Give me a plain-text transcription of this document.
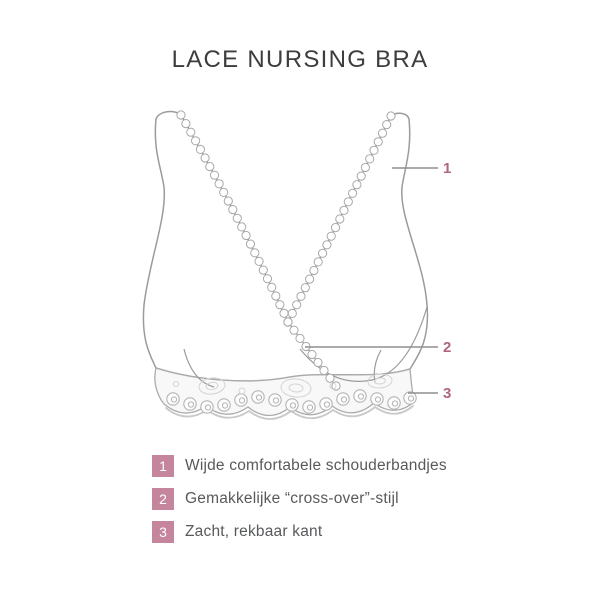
LACE NURSING BRA
1
2
3
1	Wijde comfortabele schouderbandjes
2	Gemakkelijke “cross-over”-stijl
3	Zacht, rekbaar kant
